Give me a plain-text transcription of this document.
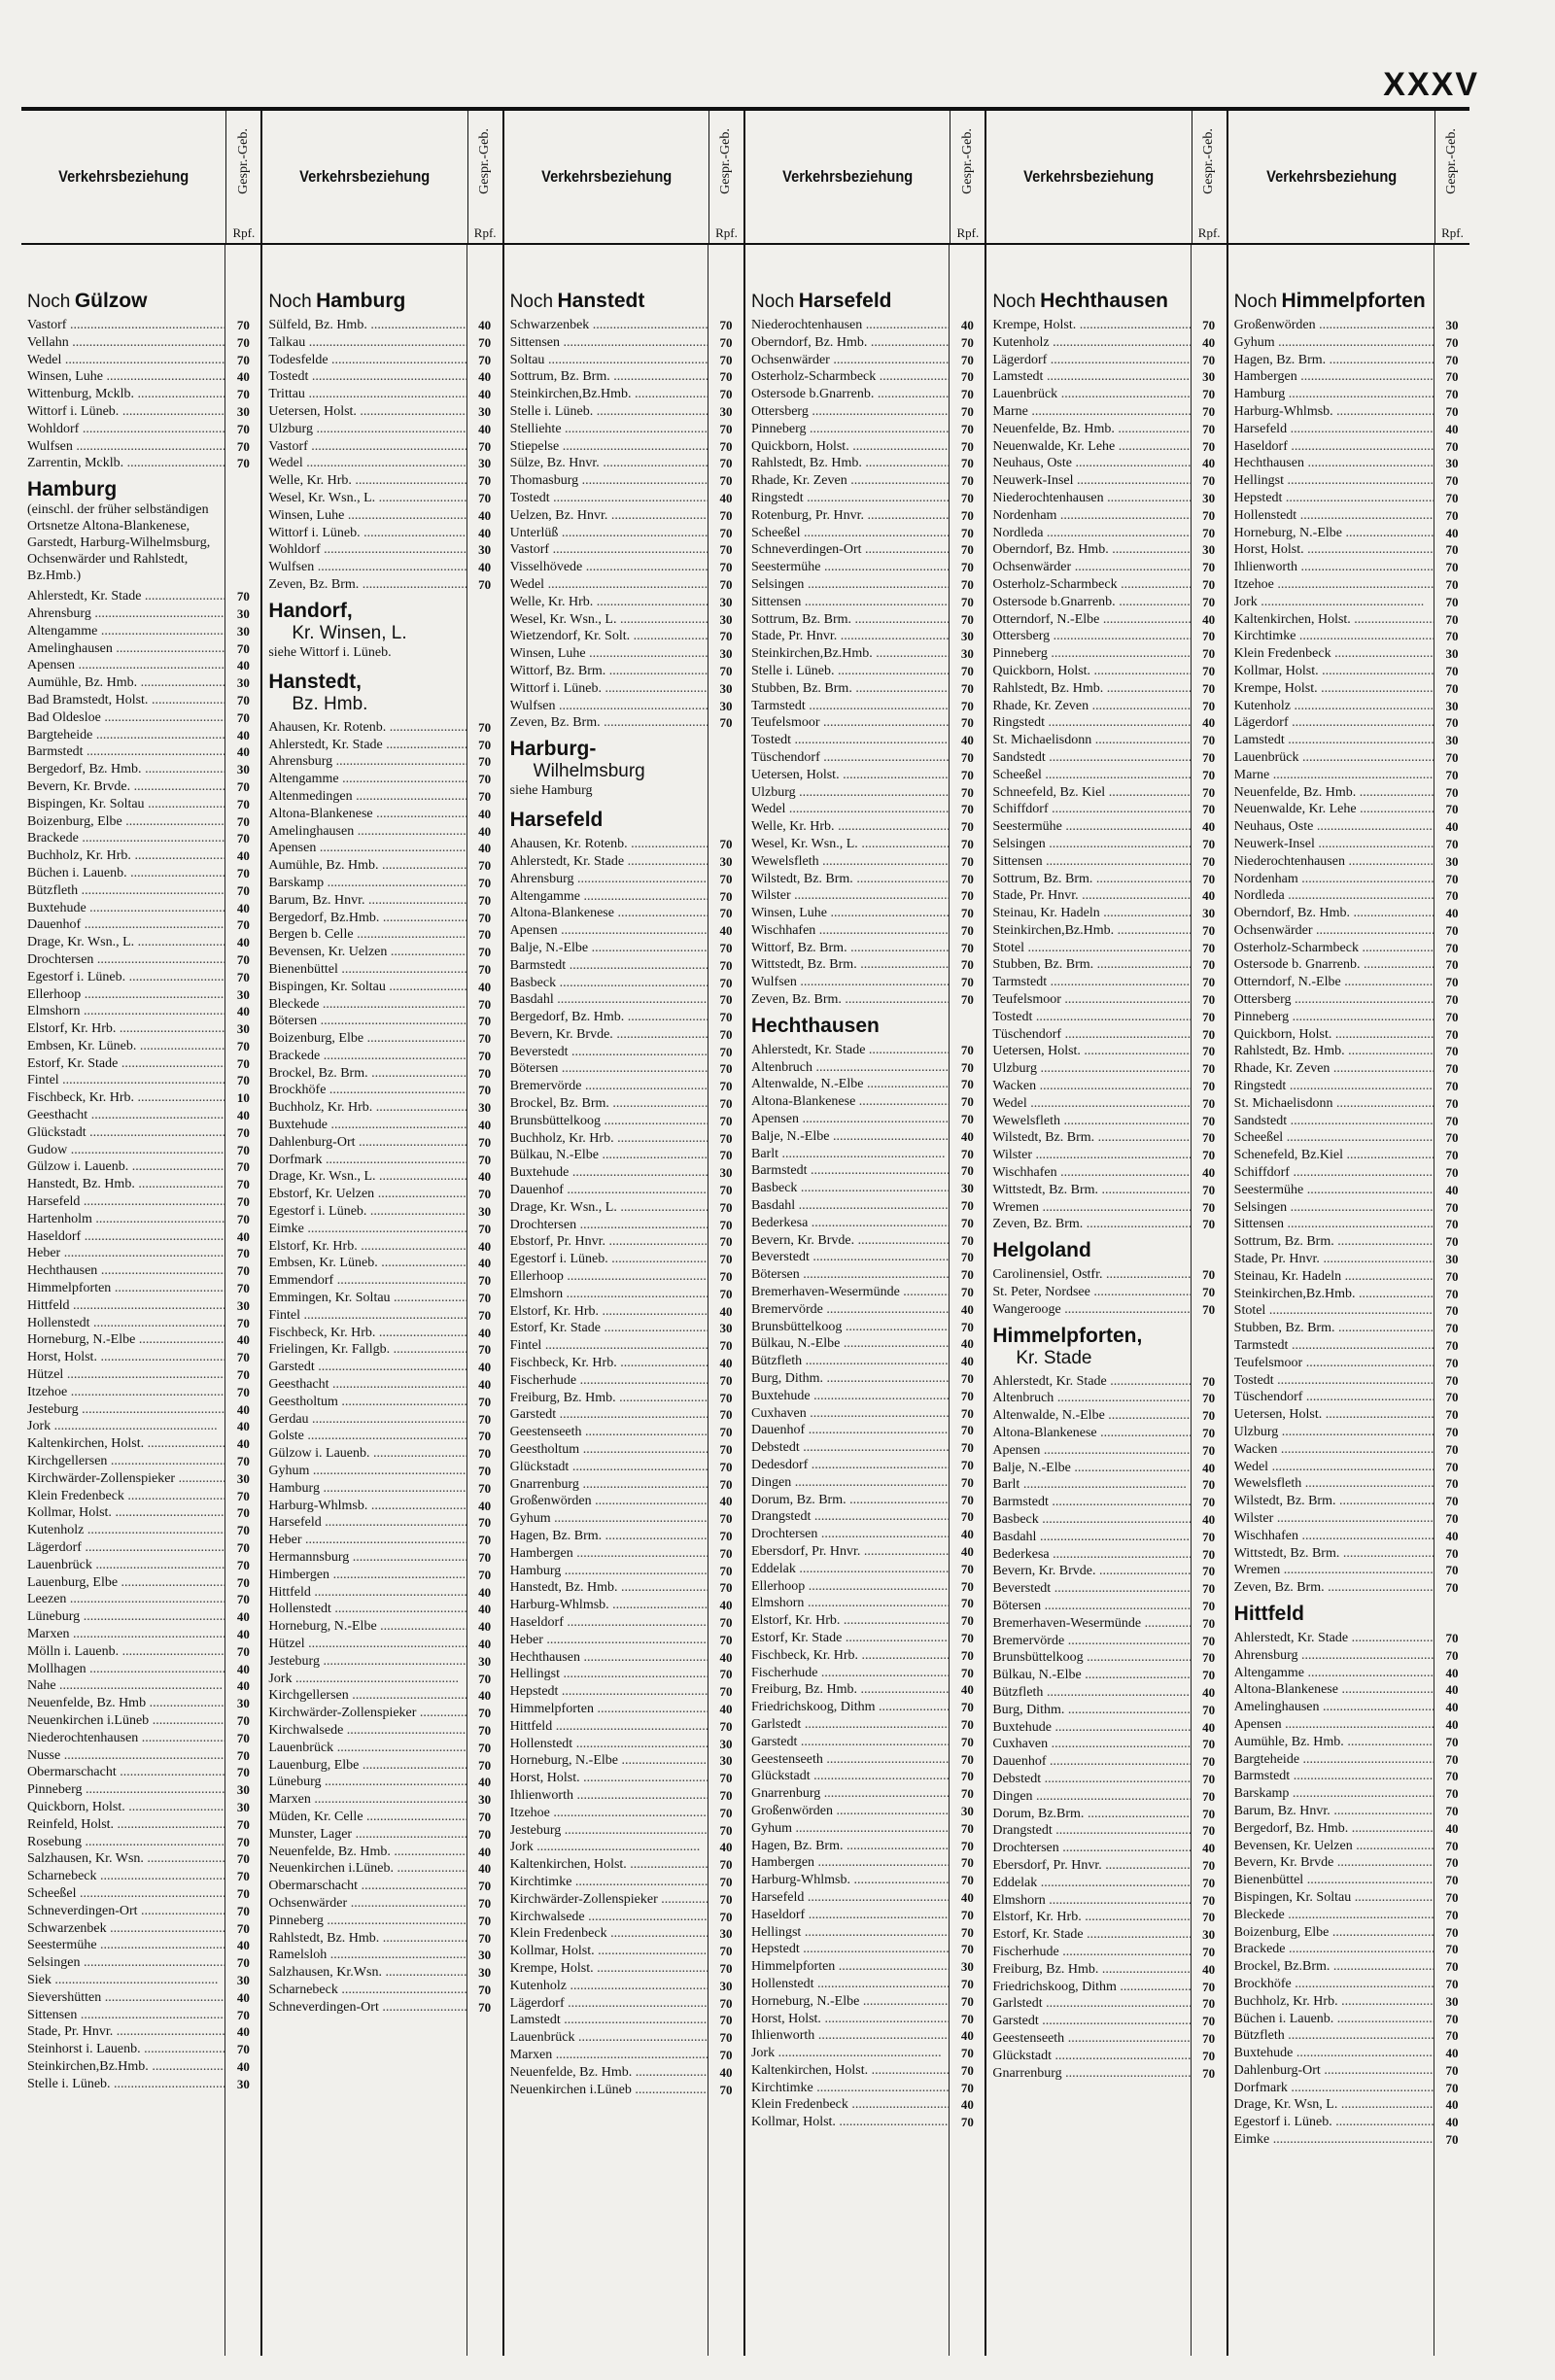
XXXV
Verkehrsbeziehung	Gespr.-Geb.
Rpf.
Noch Gülzow
Vastorf .....	70
Vellahn .....	70
Wedel .....	70
Winsen, Luhe .....	40
Wittenburg, Mcklb. .....	70
Wittorf i. Lüneb. .....	30
Wohldorf .....	70
Wulfsen .....	70
Zarrentin, Mcklb. .....	70
Hamburg
(einschl. der früher selbständigen Ortsnetze Altona-Blankenese, Garstedt, Harburg-Wilhelmsburg, Ochsenwärder und Rahlstedt, Bz.Hmb.)
Ahlerstedt, Kr. Stade .....	70
Ahrensburg .....	30
Altengamme .....	30
Amelinghausen .....	70
Apensen .....	40
Aumühle, Bz. Hmb. .....	30
Bad Bramstedt, Holst. .....	70
Bad Oldesloe .....	70
Bargteheide .....	40
Barmstedt .....	40
Bergedorf, Bz. Hmb. .....	30
Bevern, Kr. Brvde. .....	70
Bispingen, Kr. Soltau .....	70
Boizenburg, Elbe .....	70
Brackede .....	70
Buchholz, Kr. Hrb. .....	40
Büchen i. Lauenb. .....	70
Bützfleth .....	70
Buxtehude .....	40
Dauenhof .....	70
Drage, Kr. Wsn., L. .....	40
Drochtersen .....	70
Egestorf i. Lüneb. .....	70
Ellerhoop .....	30
Elmshorn .....	40
Elstorf, Kr. Hrb. .....	30
Embsen, Kr. Lüneb. .....	70
Estorf, Kr. Stade .....	70
Fintel .....	70
Fischbeck, Kr. Hrb. .....	10
Geesthacht .....	40
Glückstadt .....	70
Gudow .....	70
Gülzow i. Lauenb. .....	70
Hanstedt, Bz. Hmb. .....	70
Harsefeld .....	70
Hartenholm .....	70
Haseldorf .....	40
Heber .....	70
Hechthausen .....	70
Himmelpforten .....	70
Hittfeld .....	30
Hollenstedt .....	70
Horneburg, N.-Elbe .....	40
Horst, Holst. .....	70
Hützel .....	70
Itzehoe .....	70
Jesteburg .....	40
Jork .....	40
Kaltenkirchen, Holst. .....	40
Kirchgellersen .....	70
Kirchwärder-Zollenspieker .....	30
Klein Fredenbeck .....	70
Kollmar, Holst. .....	70
Kutenholz .....	70
Lägerdorf .....	70
Lauenbrück .....	70
Lauenburg, Elbe .....	70
Leezen .....	70
Lüneburg .....	40
Marxen .....	40
Mölln i. Lauenb. .....	70
Mollhagen .....	40
Nahe .....	40
Neuenfelde, Bz. Hmb .....	30
Neuenkirchen i.Lüneb .....	70
Niederochtenhausen .....	70
Nusse .....	70
Obermarschacht .....	70
Pinneberg .....	30
Quickborn, Holst. .....	30
Reinfeld, Holst. .....	70
Rosebung .....	70
Salzhausen, Kr. Wsn. .....	70
Scharnebeck .....	70
Scheeßel .....	70
Schneverdingen-Ort .....	70
Schwarzenbek .....	70
Seestermühe .....	40
Selsingen .....	70
Siek .....	30
Sievershütten .....	40
Sittensen .....	70
Stade, Pr. Hnvr. .....	40
Steinhorst i. Lauenb. .....	70
Steinkirchen,Bz.Hmb. .....	40
Stelle i. Lüneb. .....	30
Verkehrsbeziehung	Gespr.-Geb.
Rpf.
Noch Hamburg
Sülfeld, Bz. Hmb. .....	40
Talkau .....	70
Todesfelde .....	70
Tostedt .....	40
Trittau .....	40
Uetersen, Holst. .....	30
Ulzburg .....	40
Vastorf .....	70
Wedel .....	30
Welle, Kr. Hrb. .....	70
Wesel, Kr. Wsn., L. .....	70
Winsen, Luhe .....	40
Wittorf i. Lüneb. .....	40
Wohldorf .....	30
Wulfsen .....	40
Zeven, Bz. Brm. .....	70
Handorf,
Kr. Winsen, L.
siehe Wittorf i. Lüneb.
Hanstedt,
Bz. Hmb.
Ahausen, Kr. Rotenb. .....	70
Ahlerstedt, Kr. Stade .....	70
Ahrensburg .....	70
Altengamme .....	70
Altenmedingen .....	70
Altona-Blankenese .....	40
Amelinghausen .....	40
Apensen .....	40
Aumühle, Bz. Hmb. .....	70
Barskamp .....	70
Barum, Bz. Hnvr. .....	70
Bergedorf, Bz.Hmb. .....	70
Bergen b. Celle .....	70
Bevensen, Kr. Uelzen .....	70
Bienenbüttel .....	70
Bispingen, Kr. Soltau .....	40
Bleckede .....	70
Bötersen .....	70
Boizenburg, Elbe .....	70
Brackede .....	70
Brockel, Bz. Brm. .....	70
Brockhöfe .....	70
Buchholz, Kr. Hrb. .....	30
Buxtehude .....	40
Dahlenburg-Ort .....	70
Dorfmark .....	70
Drage, Kr. Wsn., L. .....	40
Ebstorf, Kr. Uelzen .....	70
Egestorf i. Lüneb. .....	30
Eimke .....	70
Elstorf, Kr. Hrb. .....	40
Embsen, Kr. Lüneb. .....	40
Emmendorf .....	70
Emmingen, Kr. Soltau .....	70
Fintel .....	70
Fischbeck, Kr. Hrb. .....	40
Frielingen, Kr. Fallgb. .....	70
Garstedt .....	40
Geesthacht .....	40
Geestholtum .....	70
Gerdau .....	70
Golste .....	70
Gülzow i. Lauenb. .....	70
Gyhum .....	70
Hamburg .....	70
Harburg-Whlmsb. .....	40
Harsefeld .....	70
Heber .....	70
Hermannsburg .....	70
Himbergen .....	70
Hittfeld .....	40
Hollenstedt .....	40
Horneburg, N.-Elbe .....	40
Hützel .....	40
Jesteburg .....	30
Jork .....	70
Kirchgellersen .....	40
Kirchwärder-Zollenspieker .....	70
Kirchwalsede .....	70
Lauenbrück .....	70
Lauenburg, Elbe .....	70
Lüneburg .....	40
Marxen .....	30
Müden, Kr. Celle .....	70
Munster, Lager .....	70
Neuenfelde, Bz. Hmb. .....	40
Neuenkirchen i.Lüneb. .....	40
Obermarschacht .....	70
Ochsenwärder .....	70
Pinneberg .....	70
Rahlstedt, Bz. Hmb. .....	70
Ramelsloh .....	30
Salzhausen, Kr.Wsn. .....	30
Scharnebeck .....	70
Schneverdingen-Ort .....	70
Verkehrsbeziehung	Gespr.-Geb.
Rpf.
Noch Hanstedt
Schwarzenbek .....	70
Sittensen .....	70
Soltau .....	70
Sottrum, Bz. Brm. .....	70
Steinkirchen,Bz.Hmb. .....	70
Stelle i. Lüneb. .....	30
Stelliehte .....	70
Stiepelse .....	70
Sülze, Bz. Hnvr. .....	70
Thomasburg .....	70
Tostedt .....	40
Uelzen, Bz. Hnvr. .....	70
Unterlüß .....	70
Vastorf .....	70
Visselhövede .....	70
Wedel .....	70
Welle, Kr. Hrb. .....	30
Wesel, Kr. Wsn., L. .....	30
Wietzendorf, Kr. Solt. .....	70
Winsen, Luhe .....	30
Wittorf, Bz. Brm. .....	70
Wittorf i. Lüneb. .....	30
Wulfsen .....	30
Zeven, Bz. Brm. .....	70
Harburg-
Wilhelmsburg
siehe Hamburg
Harsefeld
Ahausen, Kr. Rotenb. .....	70
Ahlerstedt, Kr. Stade .....	30
Ahrensburg .....	70
Altengamme .....	70
Altona-Blankenese .....	70
Apensen .....	40
Balje, N.-Elbe .....	70
Barmstedt .....	70
Basbeck .....	70
Basdahl .....	70
Bergedorf, Bz. Hmb. .....	70
Bevern, Kr. Brvde. .....	70
Beverstedt .....	70
Bötersen .....	70
Bremervörde .....	70
Brockel, Bz. Brm. .....	70
Brunsbüttelkoog .....	70
Buchholz, Kr. Hrb. .....	70
Bülkau, N.-Elbe .....	70
Buxtehude .....	30
Dauenhof .....	70
Drage, Kr. Wsn., L. .....	70
Drochtersen .....	70
Ebstorf, Pr. Hnvr. .....	70
Egestorf i. Lüneb. .....	70
Ellerhoop .....	70
Elmshorn .....	70
Elstorf, Kr. Hrb. .....	40
Estorf, Kr. Stade .....	30
Fintel .....	70
Fischbeck, Kr. Hrb. .....	40
Fischerhude .....	70
Freiburg, Bz. Hmb. .....	70
Garstedt .....	70
Geestenseeth .....	70
Geestholtum .....	70
Glückstadt .....	70
Gnarrenburg .....	70
Großenwörden .....	40
Gyhum .....	70
Hagen, Bz. Brm. .....	70
Hambergen .....	70
Hamburg .....	70
Hanstedt, Bz. Hmb. .....	70
Harburg-Whlmsb. .....	40
Haseldorf .....	70
Heber .....	70
Hechthausen .....	40
Hellingst .....	70
Hepstedt .....	70
Himmelpforten .....	40
Hittfeld .....	70
Hollenstedt .....	30
Horneburg, N.-Elbe .....	30
Horst, Holst. .....	70
Ihlienworth .....	70
Itzehoe .....	70
Jesteburg .....	70
Jork .....	40
Kaltenkirchen, Holst. .....	70
Kirchtimke .....	70
Kirchwärder-Zollenspieker .....	70
Kirchwalsede .....	70
Klein Fredenbeck .....	30
Kollmar, Holst. .....	70
Krempe, Holst. .....	70
Kutenholz .....	30
Lägerdorf .....	70
Lamstedt .....	70
Lauenbrück .....	70
Marxen .....	70
Neuenfelde, Bz. Hmb. .....	40
Neuenkirchen i.Lüneb .....	70
Verkehrsbeziehung	Gespr.-Geb.
Rpf.
Noch Harsefeld
Niederochtenhausen .....	40
Oberndorf, Bz. Hmb. .....	70
Ochsenwärder .....	70
Osterholz-Scharmbeck .....	70
Ostersode b.Gnarrenb. .....	70
Ottersberg .....	70
Pinneberg .....	70
Quickborn, Holst. .....	70
Rahlstedt, Bz. Hmb. .....	70
Rhade, Kr. Zeven .....	70
Ringstedt .....	70
Rotenburg, Pr. Hnvr. .....	70
Scheeßel .....	70
Schneverdingen-Ort .....	70
Seestermühe .....	70
Selsingen .....	70
Sittensen .....	70
Sottrum, Bz. Brm. .....	70
Stade, Pr. Hnvr. .....	30
Steinkirchen,Bz.Hmb. .....	30
Stelle i. Lüneb. .....	70
Stubben, Bz. Brm. .....	70
Tarmstedt .....	70
Teufelsmoor .....	70
Tostedt .....	40
Tüschendorf .....	70
Uetersen, Holst. .....	70
Ulzburg .....	70
Wedel .....	70
Welle, Kr. Hrb. .....	70
Wesel, Kr. Wsn., L. .....	70
Wewelsfleth .....	70
Wilstedt, Bz. Brm. .....	70
Wilster .....	70
Winsen, Luhe .....	70
Wischhafen .....	70
Wittorf, Bz. Brm. .....	70
Wittstedt, Bz. Brm. .....	70
Wulfsen .....	70
Zeven, Bz. Brm. .....	70
Hechthausen
Ahlerstedt, Kr. Stade .....	70
Altenbruch .....	70
Altenwalde, N.-Elbe .....	70
Altona-Blankenese .....	70
Apensen .....	70
Balje, N.-Elbe .....	40
Barlt .....	70
Barmstedt .....	70
Basbeck .....	30
Basdahl .....	70
Bederkesa .....	70
Bevern, Kr. Brvde. .....	70
Beverstedt .....	70
Bötersen .....	70
Bremerhaven-Wesermünde .....	70
Bremervörde .....	40
Brunsbüttelkoog .....	70
Bülkau, N.-Elbe .....	40
Bützfleth .....	40
Burg, Dithm. .....	70
Buxtehude .....	70
Cuxhaven .....	70
Dauenhof .....	70
Debstedt .....	70
Dedesdorf .....	70
Dingen .....	70
Dorum, Bz. Brm. .....	70
Drangstedt .....	70
Drochtersen .....	40
Ebersdorf, Pr. Hnvr. .....	40
Eddelak .....	70
Ellerhoop .....	70
Elmshorn .....	70
Elstorf, Kr. Hrb. .....	70
Estorf, Kr. Stade .....	70
Fischbeck, Kr. Hrb. .....	70
Fischerhude .....	70
Freiburg, Bz. Hmb. .....	40
Friedrichskoog, Dithm .....	70
Garlstedt .....	70
Garstedt .....	70
Geestenseeth .....	70
Glückstadt .....	70
Gnarrenburg .....	70
Großenwörden .....	30
Gyhum .....	70
Hagen, Bz. Brm. .....	70
Hambergen .....	70
Harburg-Whlmsb. .....	70
Harsefeld .....	40
Haseldorf .....	70
Hellingst .....	70
Hepstedt .....	70
Himmelpforten .....	30
Hollenstedt .....	70
Horneburg, N.-Elbe .....	70
Horst, Holst. .....	70
Ihlienworth .....	40
Jork .....	70
Kaltenkirchen, Holst. .....	70
Kirchtimke .....	70
Klein Fredenbeck .....	40
Kollmar, Holst. .....	70
Verkehrsbeziehung	Gespr.-Geb.
Rpf.
Noch Hechthausen
Krempe, Holst. .....	70
Kutenholz .....	40
Lägerdorf .....	70
Lamstedt .....	30
Lauenbrück .....	70
Marne .....	70
Neuenfelde, Bz. Hmb. .....	70
Neuenwalde, Kr. Lehe .....	70
Neuhaus, Oste .....	40
Neuwerk-Insel .....	70
Niederochtenhausen .....	30
Nordenham .....	70
Nordleda .....	70
Oberndorf, Bz. Hmb. .....	30
Ochsenwärder .....	70
Osterholz-Scharmbeck .....	70
Ostersode b.Gnarrenb. .....	70
Otterndorf, N.-Elbe .....	40
Ottersberg .....	70
Pinneberg .....	70
Quickborn, Holst. .....	70
Rahlstedt, Bz. Hmb. .....	70
Rhade, Kr. Zeven .....	70
Ringstedt .....	40
St. Michaelisdonn .....	70
Sandstedt .....	70
Scheeßel .....	70
Schneefeld, Bz. Kiel .....	70
Schiffdorf .....	70
Seestermühe .....	40
Selsingen .....	70
Sittensen .....	70
Sottrum, Bz. Brm. .....	70
Stade, Pr. Hnvr. .....	40
Steinau, Kr. Hadeln .....	30
Steinkirchen,Bz.Hmb. .....	70
Stotel .....	70
Stubben, Bz. Brm. .....	70
Tarmstedt .....	70
Teufelsmoor .....	70
Tostedt .....	70
Tüschendorf .....	70
Uetersen, Holst. .....	70
Ulzburg .....	70
Wacken .....	70
Wedel .....	70
Wewelsfleth .....	70
Wilstedt, Bz. Brm. .....	70
Wilster .....	70
Wischhafen .....	40
Wittstedt, Bz. Brm. .....	70
Wremen .....	70
Zeven, Bz. Brm. .....	70
Helgoland
Carolinensiel, Ostfr. .....	70
St. Peter, Nordsee .....	70
Wangerooge .....	70
Himmelpforten,
Kr. Stade
Ahlerstedt, Kr. Stade .....	70
Altenbruch .....	70
Altenwalde, N.-Elbe .....	70
Altona-Blankenese .....	70
Apensen .....	70
Balje, N.-Elbe .....	40
Barlt .....	70
Barmstedt .....	70
Basbeck .....	40
Basdahl .....	70
Bederkesa .....	70
Bevern, Kr. Brvde. .....	70
Beverstedt .....	70
Bötersen .....	70
Bremerhaven-Wesermünde .....	70
Bremervörde .....	70
Brunsbüttelkoog .....	70
Bülkau, N.-Elbe .....	70
Bützfleth .....	40
Burg, Dithm. .....	70
Buxtehude .....	40
Cuxhaven .....	70
Dauenhof .....	70
Debstedt .....	70
Dingen .....	70
Dorum, Bz.Brm. .....	70
Drangstedt .....	70
Drochtersen .....	40
Ebersdorf, Pr. Hnvr. .....	70
Eddelak .....	70
Elmshorn .....	70
Elstorf, Kr. Hrb. .....	70
Estorf, Kr. Stade .....	30
Fischerhude .....	70
Freiburg, Bz. Hmb. .....	40
Friedrichskoog, Dithm .....	70
Garlstedt .....	70
Garstedt .....	70
Geestenseeth .....	70
Glückstadt .....	70
Gnarrenburg .....	70
Verkehrsbeziehung	Gespr.-Geb.
Rpf.
Noch Himmelpforten
Großenwörden .....	30
Gyhum .....	70
Hagen, Bz. Brm. .....	70
Hambergen .....	70
Hamburg .....	70
Harburg-Whlmsb. .....	70
Harsefeld .....	40
Haseldorf .....	70
Hechthausen .....	30
Hellingst .....	70
Hepstedt .....	70
Hollenstedt .....	70
Horneburg, N.-Elbe .....	40
Horst, Holst. .....	70
Ihlienworth .....	70
Itzehoe .....	70
Jork .....	70
Kaltenkirchen, Holst. .....	70
Kirchtimke .....	70
Klein Fredenbeck .....	30
Kollmar, Holst. .....	70
Krempe, Holst. .....	70
Kutenholz .....	30
Lägerdorf .....	70
Lamstedt .....	30
Lauenbrück .....	70
Marne .....	70
Neuenfelde, Bz. Hmb. .....	70
Neuenwalde, Kr. Lehe .....	70
Neuhaus, Oste .....	40
Neuwerk-Insel .....	70
Niederochtenhausen .....	30
Nordenham .....	70
Nordleda .....	70
Oberndorf, Bz. Hmb. .....	40
Ochsenwärder .....	70
Osterholz-Scharmbeck .....	70
Ostersode b. Gnarrenb. .....	70
Otterndorf, N.-Elbe .....	70
Ottersberg .....	70
Pinneberg .....	70
Quickborn, Holst. .....	70
Rahlstedt, Bz. Hmb. .....	70
Rhade, Kr. Zeven .....	70
Ringstedt .....	70
St. Michaelisdonn .....	70
Sandstedt .....	70
Scheeßel .....	70
Schenefeld, Bz.Kiel .....	70
Schiffdorf .....	70
Seestermühe .....	40
Selsingen .....	70
Sittensen .....	70
Sottrum, Bz. Brm. .....	70
Stade, Pr. Hnvr. .....	30
Steinau, Kr. Hadeln .....	70
Steinkirchen,Bz.Hmb. .....	70
Stotel .....	70
Stubben, Bz. Brm. .....	70
Tarmstedt .....	70
Teufelsmoor .....	70
Tostedt .....	70
Tüschendorf .....	70
Uetersen, Holst. .....	70
Ulzburg .....	70
Wacken .....	70
Wedel .....	70
Wewelsfleth .....	70
Wilstedt, Bz. Brm. .....	70
Wilster .....	70
Wischhafen .....	40
Wittstedt, Bz. Brm. .....	70
Wremen .....	70
Zeven, Bz. Brm. .....	70
Hittfeld
Ahlerstedt, Kr. Stade .....	70
Ahrensburg .....	70
Altengamme .....	40
Altona-Blankenese .....	40
Amelinghausen .....	40
Apensen .....	40
Aumühle, Bz. Hmb. .....	70
Bargteheide .....	70
Barmstedt .....	70
Barskamp .....	70
Barum, Bz. Hnvr. .....	70
Bergedorf, Bz. Hmb. .....	40
Bevensen, Kr. Uelzen .....	70
Bevern, Kr. Brvde .....	70
Bienenbüttel .....	70
Bispingen, Kr. Soltau .....	70
Bleckede .....	70
Boizenburg, Elbe .....	70
Brackede .....	70
Brockel, Bz.Brm. .....	70
Brockhöfe .....	70
Buchholz, Kr. Hrb. .....	30
Büchen i. Lauenb. .....	70
Bützfleth .....	70
Buxtehude .....	40
Dahlenburg-Ort .....	70
Dorfmark .....	70
Drage, Kr. Wsn, L. .....	40
Egestorf i. Lüneb. .....	40
Eimke .....	70
